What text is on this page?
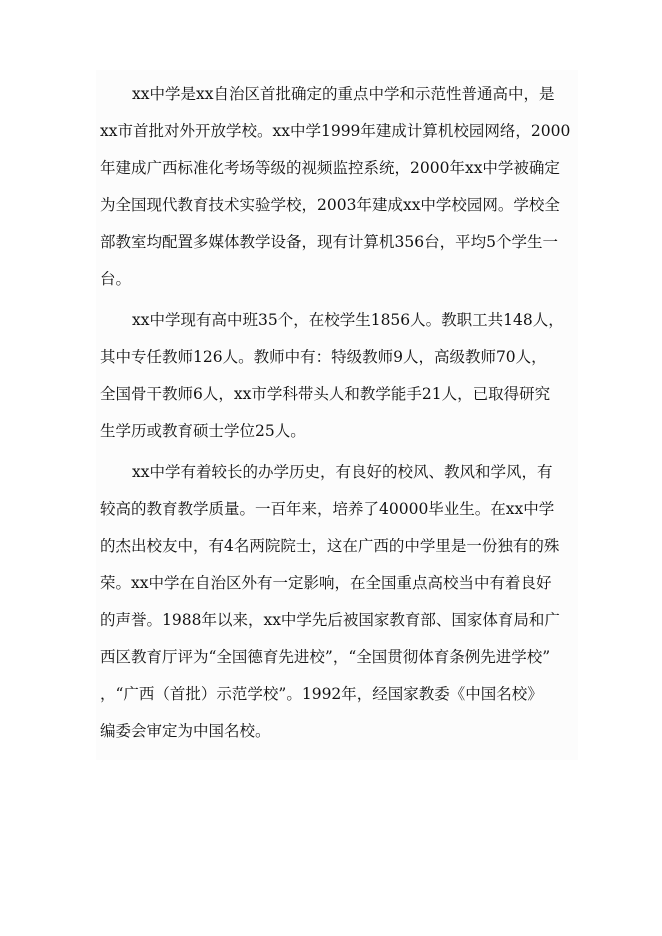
xx中学是xx自治区首批确定的重点中学和示范性普通高中，是
xx市首批对外开放学校。xx中学1999年建成计算机校园网络，2000
年建成广西标准化考场等级的视频监控系统，2000年xx中学被确定
为全国现代教育技术实验学校，2003年建成xx中学校园网。学校全
部教室均配置多媒体教学设备，现有计算机356台，平均5个学生一
台。
xx中学现有高中班35个，在校学生1856人。教职工共148人，
其中专任教师126人。教师中有：特级教师9人，高级教师70人，
全国骨干教师6人，xx市学科带头人和教学能手21人，已取得研究
生学历或教育硕士学位25人。
xx中学有着较长的办学历史，有良好的校风、教风和学风，有
较高的教育教学质量。一百年来，培养了40000毕业生。在xx中学
的杰出校友中，有4名两院院士，这在广西的中学里是一份独有的殊
荣。xx中学在自治区外有一定影响，在全国重点高校当中有着良好
的声誉。1988年以来，xx中学先后被国家教育部、国家体育局和广
西区教育厅评为“全国德育先进校”，“全国贯彻体育条例先进学校”
，“广西（首批）示范学校”。1992年，经国家教委《中国名校》
编委会审定为中国名校。
